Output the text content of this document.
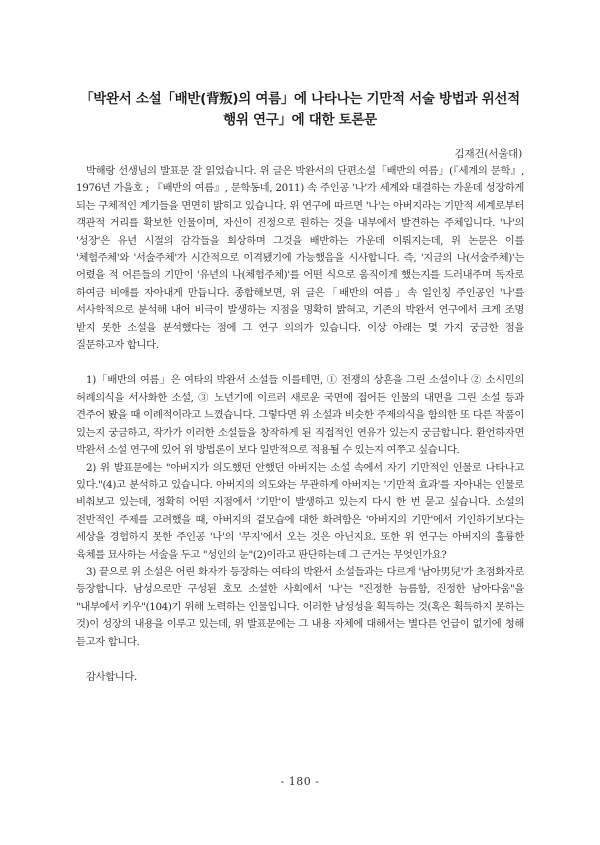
「박완서 소설「배반(背叛)의 여름」에 나타나는 기만적 서술 방법과 위선적
행위 연구」에 대한 토론문
김재건(서울대)

박해랑 선생님의 발표문 잘 읽었습니다. 위 글은 박완서의 단편소설「배반의 여름」(『세계의 문학』, 1976년 가을호 ; 『배반의 여름』, 문학동네, 2011) 속 주인공 '나'가 세계와 대결하는 가운데 성장하게 되는 구체적인 계기들을 면면히 밝히고 있습니다. 위 연구에 따르면 '나'는 아버지라는 기만적 세계로부터 객관적 거리를 확보한 인물이며, 자신이 진정으로 원하는 것을 내부에서 발견하는 주체입니다. '나'의 '성장'은 유년 시절의 감각들을 회상하며 그것을 배반하는 가운데 이뤄지는데, 위 논문은 이를 '체험주체'와 '서술주체'가 시간적으로 이격됐기에 가능했음을 시사합니다. 즉, '지금의 나(서술주체)'는 어렸을 적 어른들의 기만이 '유년의 나(체험주체)'를 어떤 식으로 움직이게 했는지를 드러내주며 독자로 하여금 비애를 자아내게 만듭니다. 종합해보면, 위 글은「배반의 여름」속 일인칭 주인공인 '나'를 서사학적으로 분석해 내어 비극이 발생하는 지점을 명확히 밝혀고, 기존의 박완서 연구에서 크게 조명 받지 못한 소설을 분석했다는 점에 그 연구 의의가 있습니다. 이상 아래는 몇 가지 궁금한 점을 질문하고자 합니다.

1)「배반의 여름」은 여타의 박완서 소설들 이를테면, ① 전쟁의 상흔을 그린 소설이나 ② 소시민의 허례의식을 서사화한 소설, ③ 노년기에 이르러 새로운 국면에 접어든 인물의 내면을 그린 소설 등과 견주어 봤을 때 이례적이라고 느꼈습니다. 그렇다면 위 소설과 비슷한 주제의식을 함의한 또 다른 작품이 있는지 궁금하고, 작가가 이러한 소설들을 창작하게 된 직접적인 연유가 있는지 궁금합니다. 환언하자면 박완서 소설 연구에 있어 위 방법론이 보다 일반적으로 적용될 수 있는지 여쭈고 싶습니다.

2) 위 발표문에는 "아버지가 의도했던 안했던 아버지는 소설 속에서 자기 기만적인 인물로 나타나고 있다."(4)고 분석하고 있습니다. 아버지의 의도와는 무관하게 아버지는 '기만적 효과'를 자아내는 인물로 비춰보고 있는데, 정확히 어떤 지점에서 '기만'이 발생하고 있는지 다시 한 번 묻고 싶습니다. 소설의 전반적인 주제를 고려했을 때, 아버지의 겉모습에 대한 화려함은 '아버지의 기만'에서 기인하기보다는 세상을 경험하지 못한 주인공 '나'의 '무지'에서 오는 것은 아닌지요. 또한 위 연구는 아버지의 훌륭한 육체를 묘사하는 서술을 두고 "성인의 눈"(2)이라고 판단하는데 그 근거는 무엇인가요?

3) 끝으로 위 소설은 어린 화자가 등장하는 여타의 박완서 소설들과는 다르게 '남아男兒'가 초점화자로 등장합니다. 남성으로만 구성된 호모 소셜한 사회에서 '나'는 "진정한 늠름함, 진정한 남아다움"을 "내부에서 키우"(104)기 위해 노력하는 인물입니다. 이러한 남성성을 획득하는 것(혹은 획득하지 못하는 것)이 성장의 내용을 이루고 있는데, 위 발표문에는 그 내용 자체에 대해서는 별다른 언급이 없기에 청해 듣고자 합니다.

감사합니다.

- 180 -
